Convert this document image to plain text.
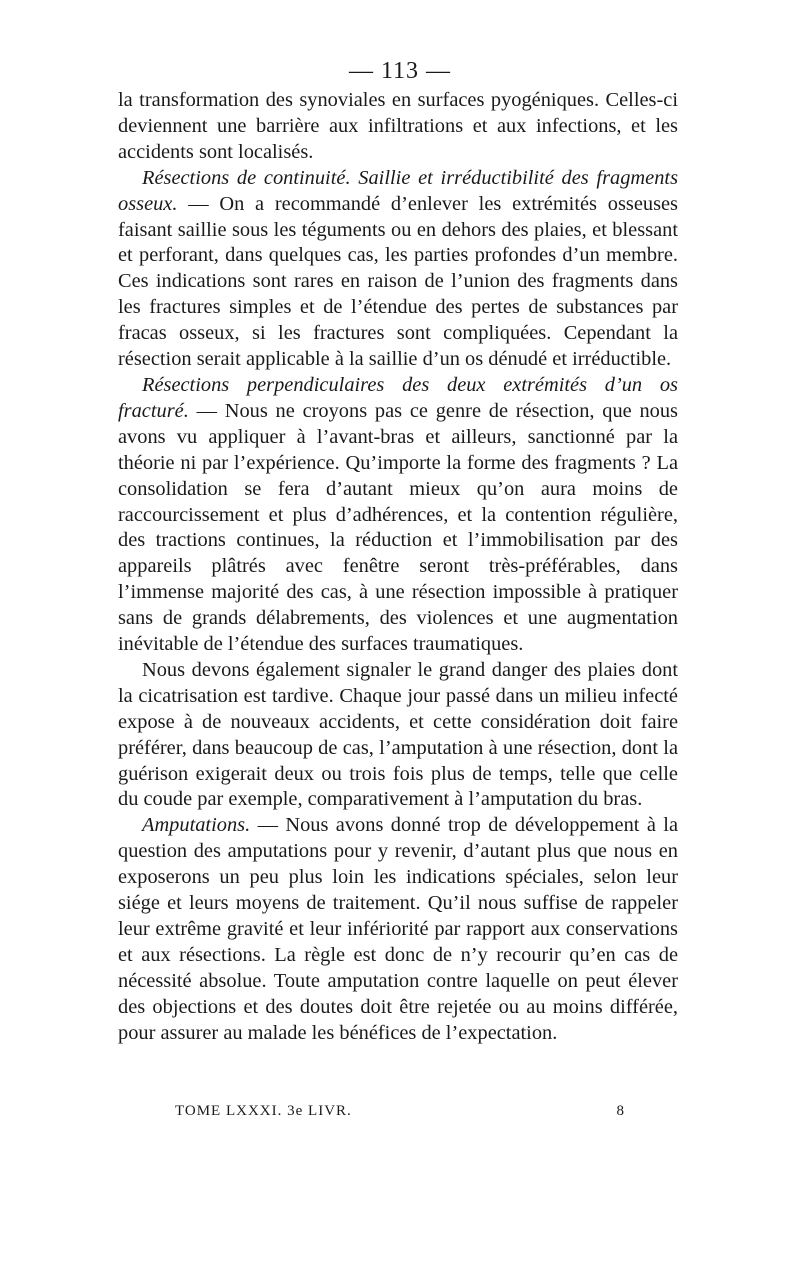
— 113 —

la transformation des synoviales en surfaces pyogéniques. Celles-ci deviennent une barrière aux infiltrations et aux infections, et les accidents sont localisés.

Résections de continuité. Saillie et irréductibilité des fragments osseux. — On a recommandé d’enlever les extrémités osseuses faisant saillie sous les téguments ou en dehors des plaies, et blessant et perforant, dans quelques cas, les parties profondes d’un membre. Ces indications sont rares en raison de l’union des fragments dans les fractures simples et de l’étendue des pertes de substances par fracas osseux, si les fractures sont compliquées. Cependant la résection serait applicable à la saillie d’un os dénudé et irréductible.

Résections perpendiculaires des deux extrémités d’un os fracturé. — Nous ne croyons pas ce genre de résection, que nous avons vu appliquer à l’avant-bras et ailleurs, sanctionné par la théorie ni par l’expérience. Qu’importe la forme des fragments ? La consolidation se fera d’autant mieux qu’on aura moins de raccourcissement et plus d’adhérences, et la contention régulière, des tractions continues, la réduction et l’immobilisation par des appareils plâtrés avec fenêtre seront très-préférables, dans l’immense majorité des cas, à une résection impossible à pratiquer sans de grands délabrements, des violences et une augmentation inévitable de l’étendue des surfaces traumatiques.

Nous devons également signaler le grand danger des plaies dont la cicatrisation est tardive. Chaque jour passé dans un milieu infecté expose à de nouveaux accidents, et cette considération doit faire préférer, dans beaucoup de cas, l’amputation à une résection, dont la guérison exigerait deux ou trois fois plus de temps, telle que celle du coude par exemple, comparativement à l’amputation du bras.

Amputations. — Nous avons donné trop de développement à la question des amputations pour y revenir, d’autant plus que nous en exposerons un peu plus loin les indications spéciales, selon leur siége et leurs moyens de traitement. Qu’il nous suffise de rappeler leur extrême gravité et leur infériorité par rapport aux conservations et aux résections. La règle est donc de n’y recourir qu’en cas de nécessité absolue. Toute amputation contre laquelle on peut élever des objections et des doutes doit être rejetée ou au moins différée, pour assurer au malade les bénéfices de l’expectation.

TOME LXXXI. 3e LIVR.	8
